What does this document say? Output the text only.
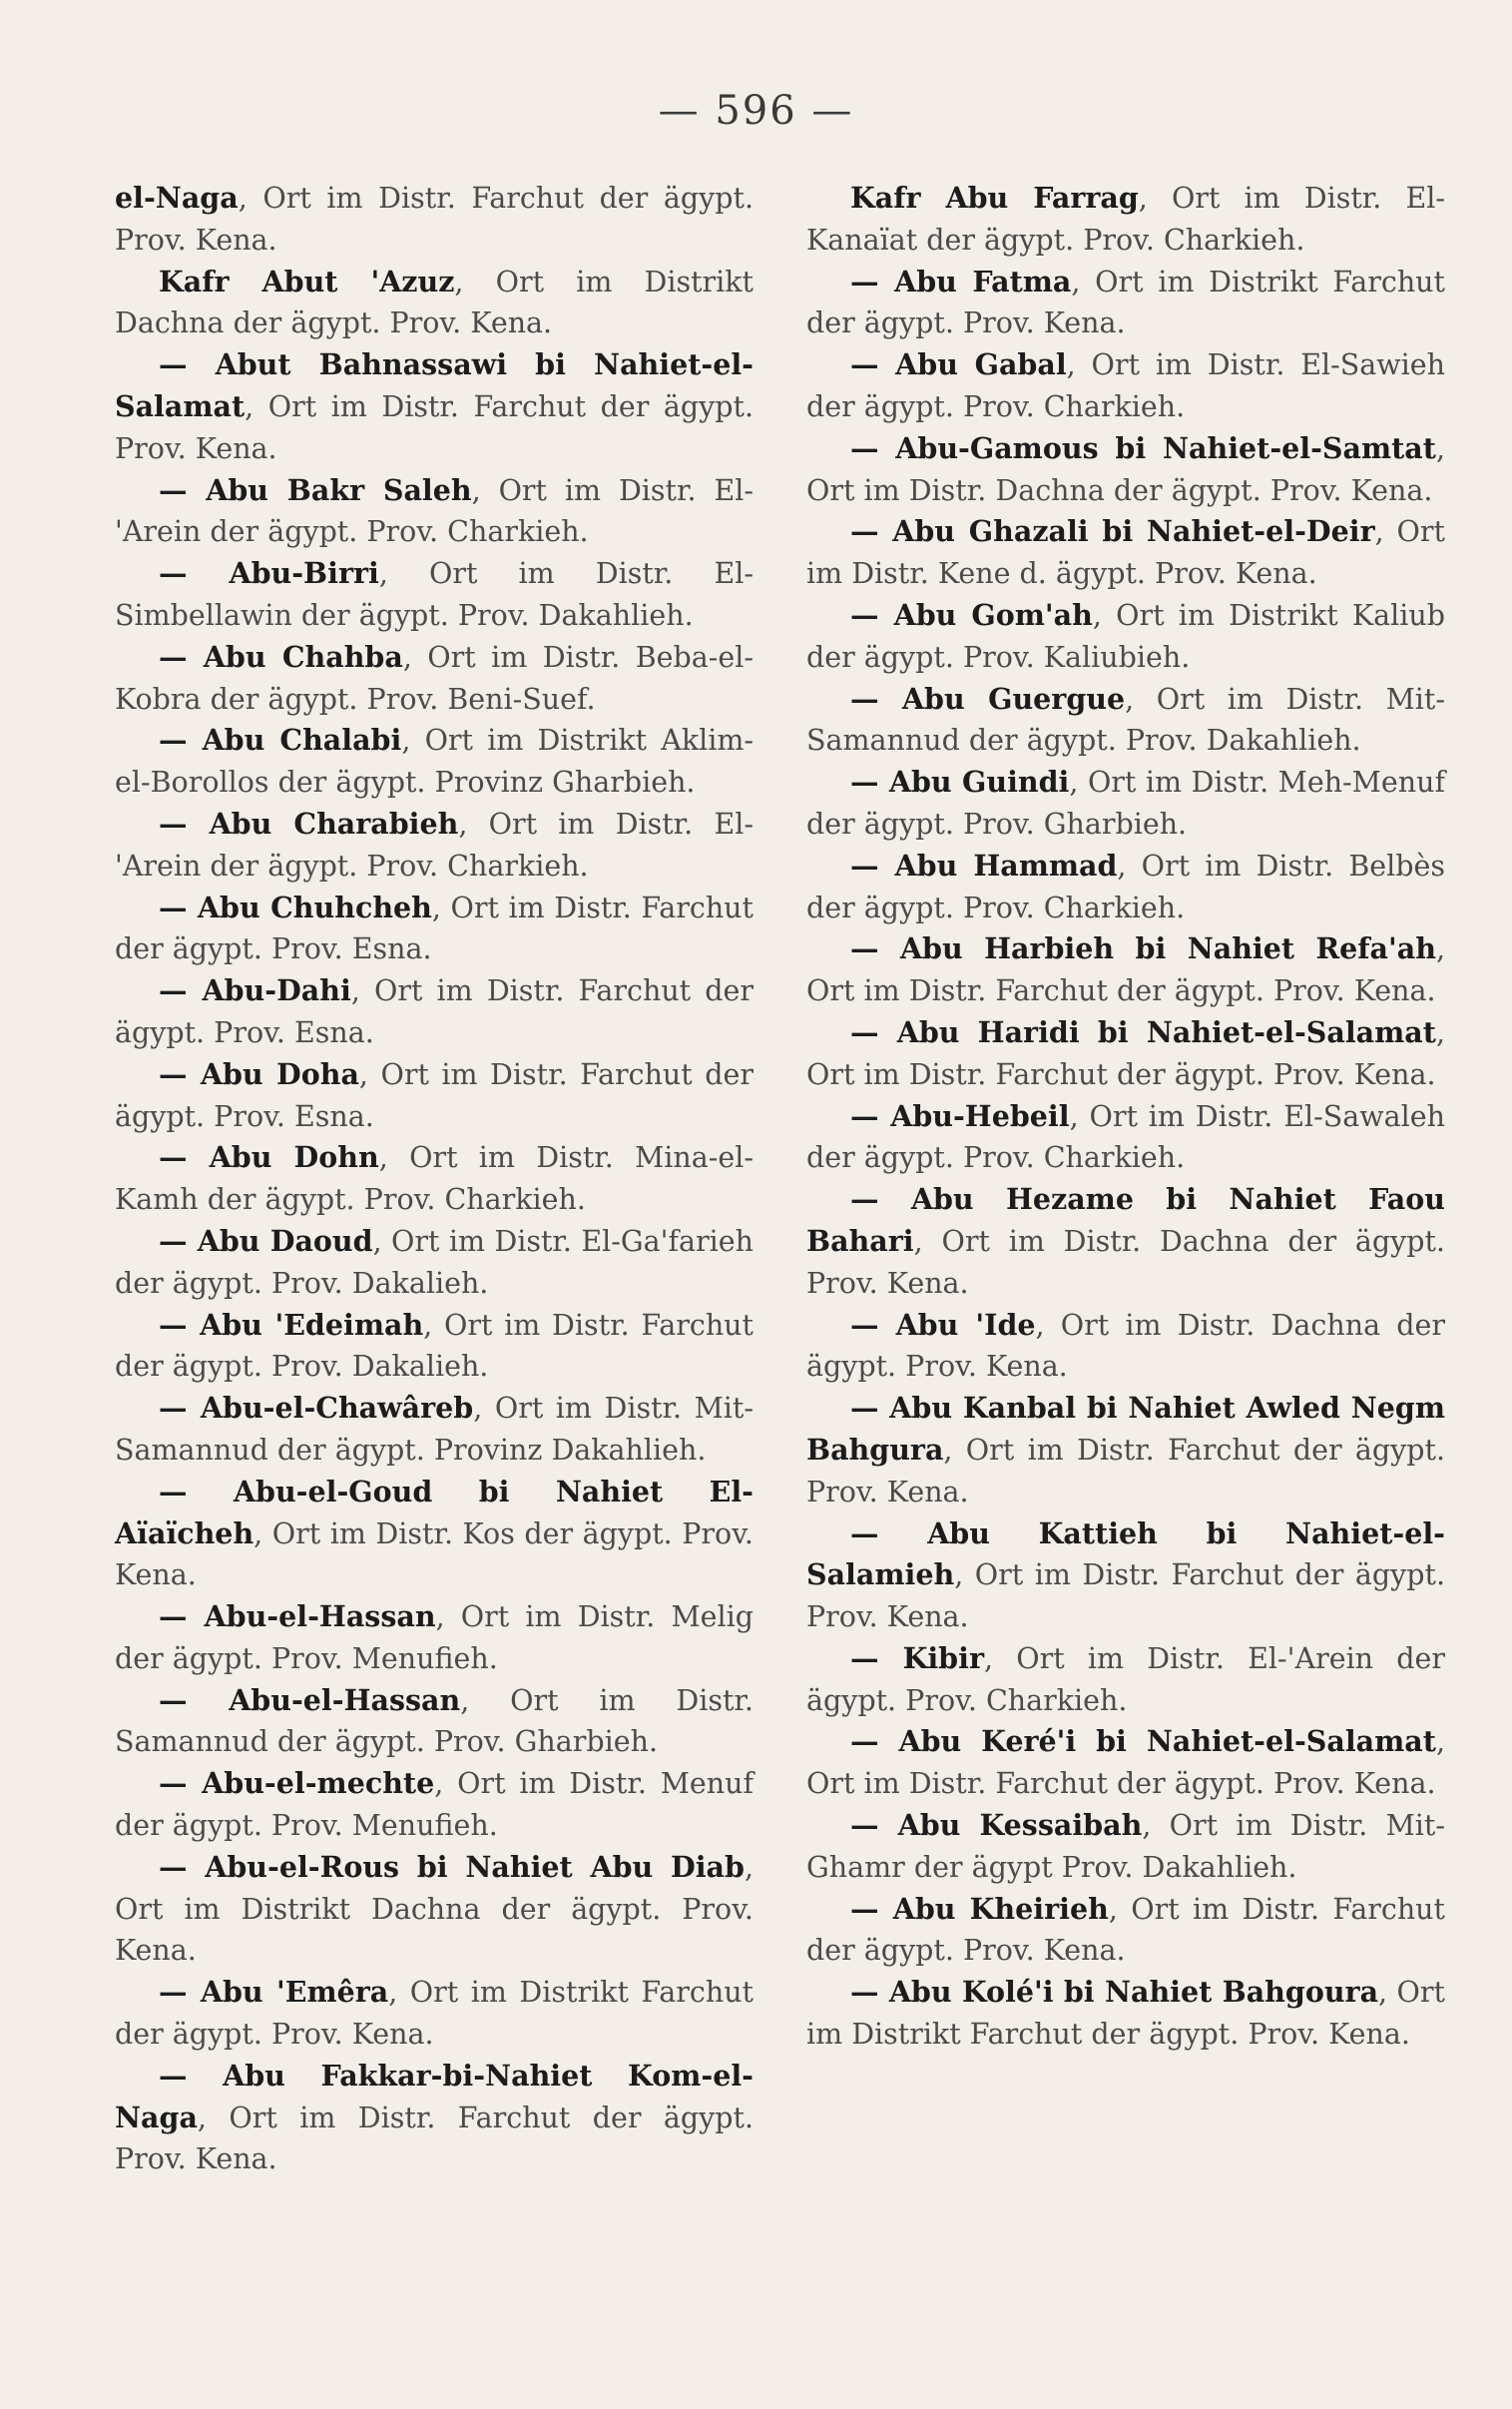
— 596 —

el-Naga, Ort im Distr. Farchut der ägypt. Prov. Kena.

Kafr Abut 'Azuz, Ort im Distrikt Dachna der ägypt. Prov. Kena.

— Abut Bahnassawi bi Nahiet-el-Salamat, Ort im Distr. Farchut der ägypt. Prov. Kena.

— Abu Bakr Saleh, Ort im Distr. El-'Arein der ägypt. Prov. Charkieh.

— Abu-Birri, Ort im Distr. El-Simbellawin der ägypt. Prov. Dakahlieh.

— Abu Chahba, Ort im Distr. Beba-el-Kobra der ägypt. Prov. Beni-Suef.

— Abu Chalabi, Ort im Distrikt Aklim-el-Borollos der ägypt. Provinz Gharbieh.

— Abu Charabieh, Ort im Distr. El-'Arein der ägypt. Prov. Charkieh.

— Abu Chuhcheh, Ort im Distr. Farchut der ägypt. Prov. Esna.

— Abu-Dahi, Ort im Distr. Farchut der ägypt. Prov. Esna.

— Abu Doha, Ort im Distr. Farchut der ägypt. Prov. Esna.

— Abu Dohn, Ort im Distr. Mina-el-Kamh der ägypt. Prov. Charkieh.

— Abu Daoud, Ort im Distr. El-Ga'farieh der ägypt. Prov. Dakalieh.

— Abu 'Edeimah, Ort im Distr. Farchut der ägypt. Prov. Dakalieh.

— Abu-el-Chawâreb, Ort im Distr. Mit-Samannud der ägypt. Provinz Dakahlieh.

— Abu-el-Goud bi Nahiet El-Aïaïcheh, Ort im Distr. Kos der ägypt. Prov. Kena.

— Abu-el-Hassan, Ort im Distr. Melig der ägypt. Prov. Menufieh.

— Abu-el-Hassan, Ort im Distr. Samannud der ägypt. Prov. Gharbieh.

— Abu-el-mechte, Ort im Distr. Menuf der ägypt. Prov. Menufieh.

— Abu-el-Rous bi Nahiet Abu Diab, Ort im Distrikt Dachna der ägypt. Prov. Kena.

— Abu 'Emêra, Ort im Distrikt Farchut der ägypt. Prov. Kena.

— Abu Fakkar-bi-Nahiet Kom-el-Naga, Ort im Distr. Farchut der ägypt. Prov. Kena.

Kafr Abu Farrag, Ort im Distr. El-Kanaïat der ägypt. Prov. Charkieh.

— Abu Fatma, Ort im Distrikt Farchut der ägypt. Prov. Kena.

— Abu Gabal, Ort im Distr. El-Sawieh der ägypt. Prov. Charkieh.

— Abu-Gamous bi Nahiet-el-Samtat, Ort im Distr. Dachna der ägypt. Prov. Kena.

— Abu Ghazali bi Nahiet-el-Deir, Ort im Distr. Kene d. ägypt. Prov. Kena.

— Abu Gom'ah, Ort im Distrikt Kaliub der ägypt. Prov. Kaliubieh.

— Abu Guergue, Ort im Distr. Mit-Samannud der ägypt. Prov. Dakahlieh.

— Abu Guindi, Ort im Distr. Meh-Menuf der ägypt. Prov. Gharbieh.

— Abu Hammad, Ort im Distr. Belbès der ägypt. Prov. Charkieh.

— Abu Harbieh bi Nahiet Refa'ah, Ort im Distr. Farchut der ägypt. Prov. Kena.

— Abu Haridi bi Nahiet-el-Salamat, Ort im Distr. Farchut der ägypt. Prov. Kena.

— Abu-Hebeil, Ort im Distr. El-Sawaleh der ägypt. Prov. Charkieh.

— Abu Hezame bi Nahiet Faou Bahari, Ort im Distr. Dachna der ägypt. Prov. Kena.

— Abu 'Ide, Ort im Distr. Dachna der ägypt. Prov. Kena.

— Abu Kanbal bi Nahiet Awled Negm Bahgura, Ort im Distr. Farchut der ägypt. Prov. Kena.

— Abu Kattieh bi Nahiet-el-Salamieh, Ort im Distr. Farchut der ägypt. Prov. Kena.

— Kibir, Ort im Distr. El-'Arein der ägypt. Prov. Charkieh.

— Abu Keré'i bi Nahiet-el-Salamat, Ort im Distr. Farchut der ägypt. Prov. Kena.

— Abu Kessaibah, Ort im Distr. Mit-Ghamr der ägypt Prov. Dakahlieh.

— Abu Kheirieh, Ort im Distr. Farchut der ägypt. Prov. Kena.

— Abu Kolé'i bi Nahiet Bahgoura, Ort im Distrikt Farchut der ägypt. Prov. Kena.
